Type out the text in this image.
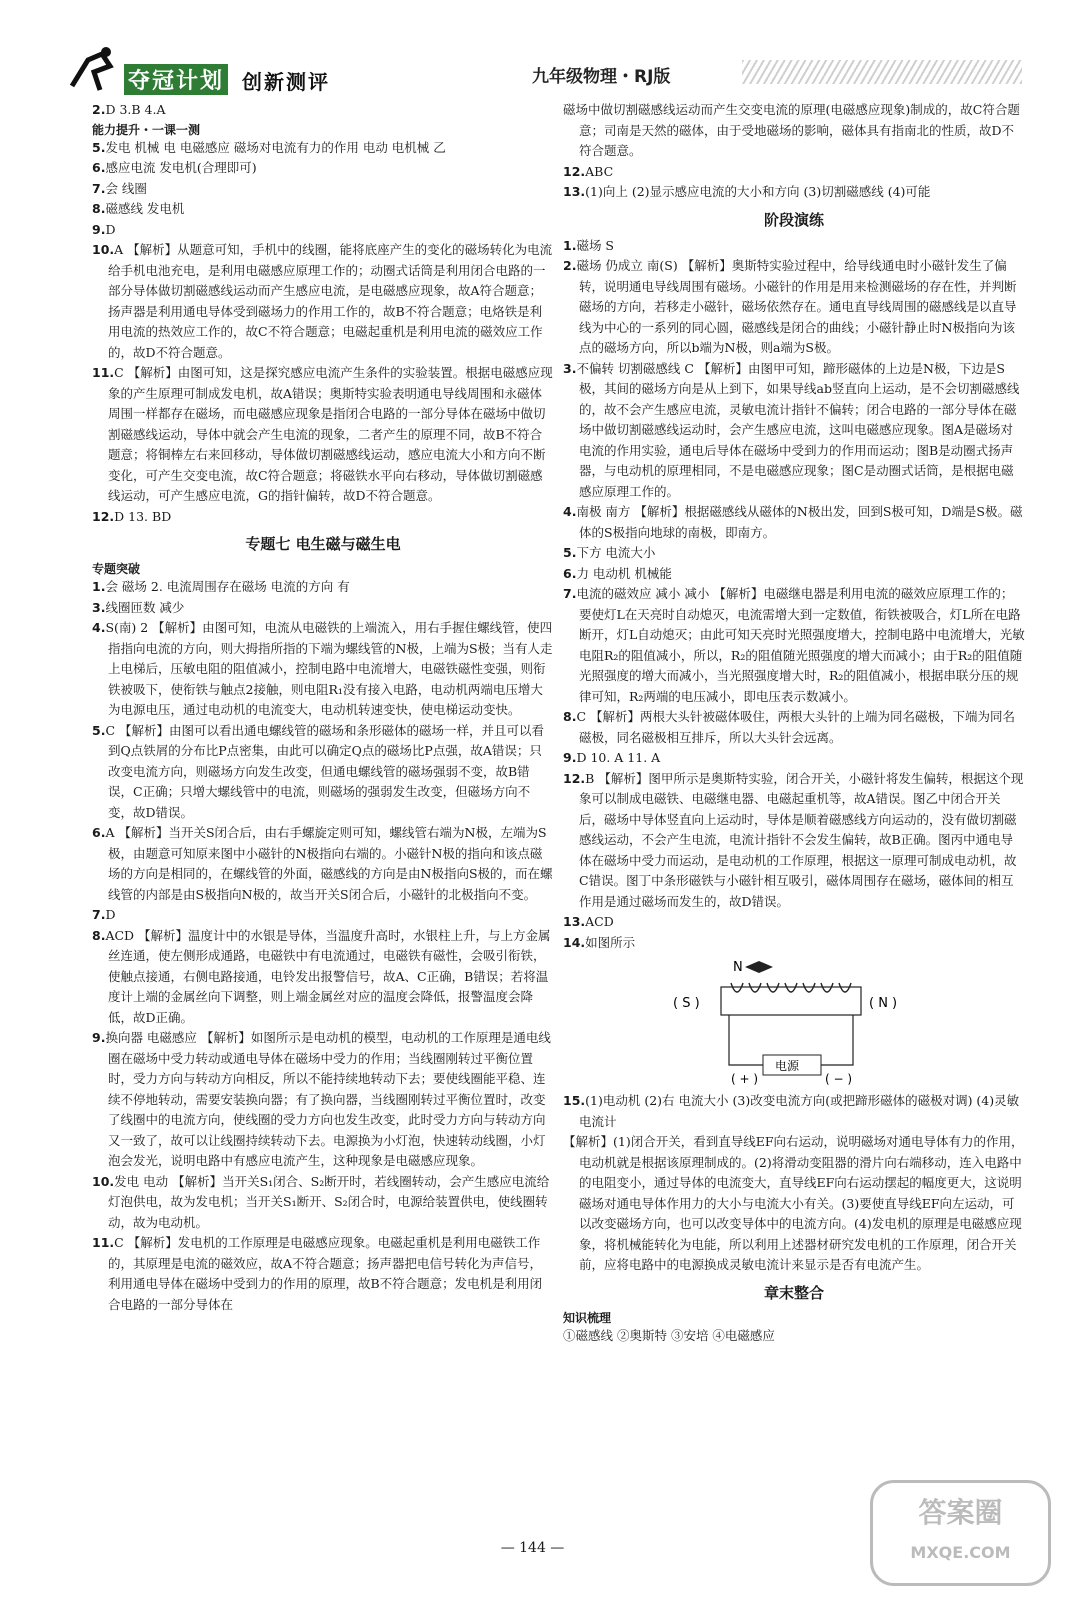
夺冠计划 创新测评	九年级物理・RJ版

2.D 3.B 4.A

能力提升・一课一测

5.发电 机械 电 电磁感应 磁场对电流有力的作用 电动 电机械 乙

6.感应电流 发电机(合理即可)

7.会 线圈

8.磁感线 发电机

9.D

10.A 【解析】从题意可知，手机中的线圈，能将底座产生的变化的磁场转化为电流给手机电池充电，是利用电磁感应原理工作的；动圈式话筒是利用闭合电路的一部分导体做切割磁感线运动而产生感应电流，是电磁感应现象，故A符合题意；扬声器是利用通电导体受到磁场力的作用工作的，故B不符合题意；电烙铁是利用电流的热效应工作的，故C不符合题意；电磁起重机是利用电流的磁效应工作的，故D不符合题意。

11.C 【解析】由图可知，这是探究感应电流产生条件的实验装置。根据电磁感应现象的产生原理可制成发电机，故A错误；奥斯特实验表明通电导线周围和永磁体周围一样都存在磁场，而电磁感应现象是指闭合电路的一部分导体在磁场中做切割磁感线运动，导体中就会产生电流的现象，二者产生的原理不同，故B不符合题意；将铜棒左右来回移动，导体做切割磁感线运动，感应电流大小和方向不断变化，可产生交变电流，故C符合题意；将磁铁水平向右移动，导体做切割磁感线运动，可产生感应电流，G的指针偏转，故D不符合题意。

12.D 13. BD

专题七 电生磁与磁生电

专题突破

1.会 磁场 2. 电流周围存在磁场 电流的方向 有

3.线圈匝数 减少

4.S(南) 2 【解析】由图可知，电流从电磁铁的上端流入，用右手握住螺线管，使四指指向电流的方向，则大拇指所指的下端为螺线管的N极，上端为S极；当有人走上电梯后，压敏电阻的阻值减小，控制电路中电流增大，电磁铁磁性变强，则衔铁被吸下，使衔铁与触点2接触，则电阻R₁没有接入电路，电动机两端电压增大为电源电压，通过电动机的电流变大，电动机转速变快，使电梯运动变快。

5.C 【解析】由图可以看出通电螺线管的磁场和条形磁体的磁场一样，并且可以看到Q点铁屑的分布比P点密集，由此可以确定Q点的磁场比P点强，故A错误；只改变电流方向，则磁场方向发生改变，但通电螺线管的磁场强弱不变，故B错误，C正确；只增大螺线管中的电流，则磁场的强弱发生改变，但磁场方向不变，故D错误。

6.A 【解析】当开关S闭合后，由右手螺旋定则可知，螺线管右端为N极，左端为S极，由题意可知原来图中小磁针的N极指向右端的。小磁针N极的指向和该点磁场的方向是相同的，在螺线管的外面，磁感线的方向是由N极指向S极的，而在螺线管的内部是由S极指向N极的，故当开关S闭合后，小磁针的北极指向不变。

7.D

8.ACD 【解析】温度计中的水银是导体，当温度升高时，水银柱上升，与上方金属丝连通，使左侧形成通路，电磁铁中有电流通过，电磁铁有磁性，会吸引衔铁，使触点接通，右侧电路接通，电铃发出报警信号，故A、C正确，B错误；若将温度计上端的金属丝向下调整，则上端金属丝对应的温度会降低，报警温度会降低，故D正确。

9.换向器 电磁感应 【解析】如图所示是电动机的模型，电动机的工作原理是通电线圈在磁场中受力转动或通电导体在磁场中受力的作用；当线圈刚转过平衡位置时，受力方向与转动方向相反，所以不能持续地转动下去；要使线圈能平稳、连续不停地转动，需要安装换向器；有了换向器，当线圈刚转过平衡位置时，改变了线圈中的电流方向，使线圈的受力方向也发生改变，此时受力方向与转动方向又一致了，故可以让线圈持续转动下去。电源换为小灯泡，快速转动线圈，小灯泡会发光，说明电路中有感应电流产生，这种现象是电磁感应现象。

10.发电 电动 【解析】当开关S₁闭合、S₂断开时，若线圈转动，会产生感应电流给灯泡供电，故为发电机；当开关S₁断开、S₂闭合时，电源给装置供电，使线圈转动，故为电动机。

11.C 【解析】发电机的工作原理是电磁感应现象。电磁起重机是利用电磁铁工作的，其原理是电流的磁效应，故A不符合题意；扬声器把电信号转化为声信号，利用通电导体在磁场中受到力的作用的原理，故B不符合题意；发电机是利用闭合电路的一部分导体在

磁场中做切割磁感线运动而产生交变电流的原理(电磁感应现象)制成的，故C符合题意；司南是天然的磁体，由于受地磁场的影响，磁体具有指南北的性质，故D不符合题意。

12.ABC

13.(1)向上 (2)显示感应电流的大小和方向 (3)切割磁感线 (4)可能

阶段演练

1.磁场 S

2.磁场 仍成立 南(S) 【解析】奥斯特实验过程中，给导线通电时小磁针发生了偏转，说明通电导线周围有磁场。小磁针的作用是用来检测磁场的存在性，并判断磁场的方向，若移走小磁针，磁场依然存在。通电直导线周围的磁感线是以直导线为中心的一系列的同心圆，磁感线是闭合的曲线；小磁针静止时N极指向为该点的磁场方向，所以b端为N极，则a端为S极。

3.不偏转 切割磁感线 C 【解析】由图甲可知，蹄形磁体的上边是N极，下边是S极，其间的磁场方向是从上到下，如果导线ab竖直向上运动，是不会切割磁感线的，故不会产生感应电流，灵敏电流计指针不偏转；闭合电路的一部分导体在磁场中做切割磁感线运动时，会产生感应电流，这叫电磁感应现象。图A是磁场对电流的作用实验，通电后导体在磁场中受到力的作用而运动；图B是动圈式扬声器，与电动机的原理相同，不是电磁感应现象；图C是动圈式话筒，是根据电磁感应原理工作的。

4.南极 南方 【解析】根据磁感线从磁体的N极出发，回到S极可知，D端是S极。磁体的S极指向地球的南极，即南方。

5.下方 电流大小

6.力 电动机 机械能

7.电流的磁效应 减小 减小 【解析】电磁继电器是利用电流的磁效应原理工作的；要使灯L在天亮时自动熄灭，电流需增大到一定数值，衔铁被吸合，灯L所在电路断开，灯L自动熄灭；由此可知天亮时光照强度增大，控制电路中电流增大，光敏电阻R₂的阻值减小，所以，R₂的阻值随光照强度的增大而减小；由于R₂的阻值随光照强度的增大而减小，当光照强度增大时，R₂的阻值减小，根据串联分压的规律可知，R₂两端的电压减小，即电压表示数减小。

8.C 【解析】两根大头针被磁体吸住，两根大头针的上端为同名磁极，下端为同名磁极，同名磁极相互排斥，所以大头针会远离。

9.D 10. A 11. A

12.B 【解析】图甲所示是奥斯特实验，闭合开关，小磁针将发生偏转，根据这个现象可以制成电磁铁、电磁继电器、电磁起重机等，故A错误。图乙中闭合开关后，磁场中导体竖直向上运动时，导体是顺着磁感线方向运动的，没有做切割磁感线运动，不会产生电流，电流计指针不会发生偏转，故B正确。图丙中通电导体在磁场中受力而运动，是电动机的工作原理，根据这一原理可制成电动机，故C错误。图丁中条形磁铁与小磁针相互吸引，磁体周围存在磁场，磁体间的相互作用是通过磁场而发生的，故D错误。

13.ACD

14.如图所示

N
( S )	( N )
电源
( + )	( − )

15.(1)电动机 (2)右 电流大小 (3)改变电流方向(或把蹄形磁体的磁极对调) (4)灵敏电流计

【解析】(1)闭合开关，看到直导线EF向右运动，说明磁场对通电导体有力的作用，电动机就是根据该原理制成的。(2)将滑动变阻器的滑片向右端移动，连入电路中的电阻变小，通过导体的电流变大，直导线EF向右运动摆起的幅度更大，这说明磁场对通电导体作用力的大小与电流大小有关。(3)要使直导线EF向左运动，可以改变磁场方向，也可以改变导体中的电流方向。(4)发电机的原理是电磁感应现象，将机械能转化为电能，所以利用上述器材研究发电机的工作原理，闭合开关前，应将电路中的电源换成灵敏电流计来显示是否有电流产生。

章末整合

知识梳理

①磁感线 ②奥斯特 ③安培 ④电磁感应

— 144 —
答案圈
MXQE.COM
